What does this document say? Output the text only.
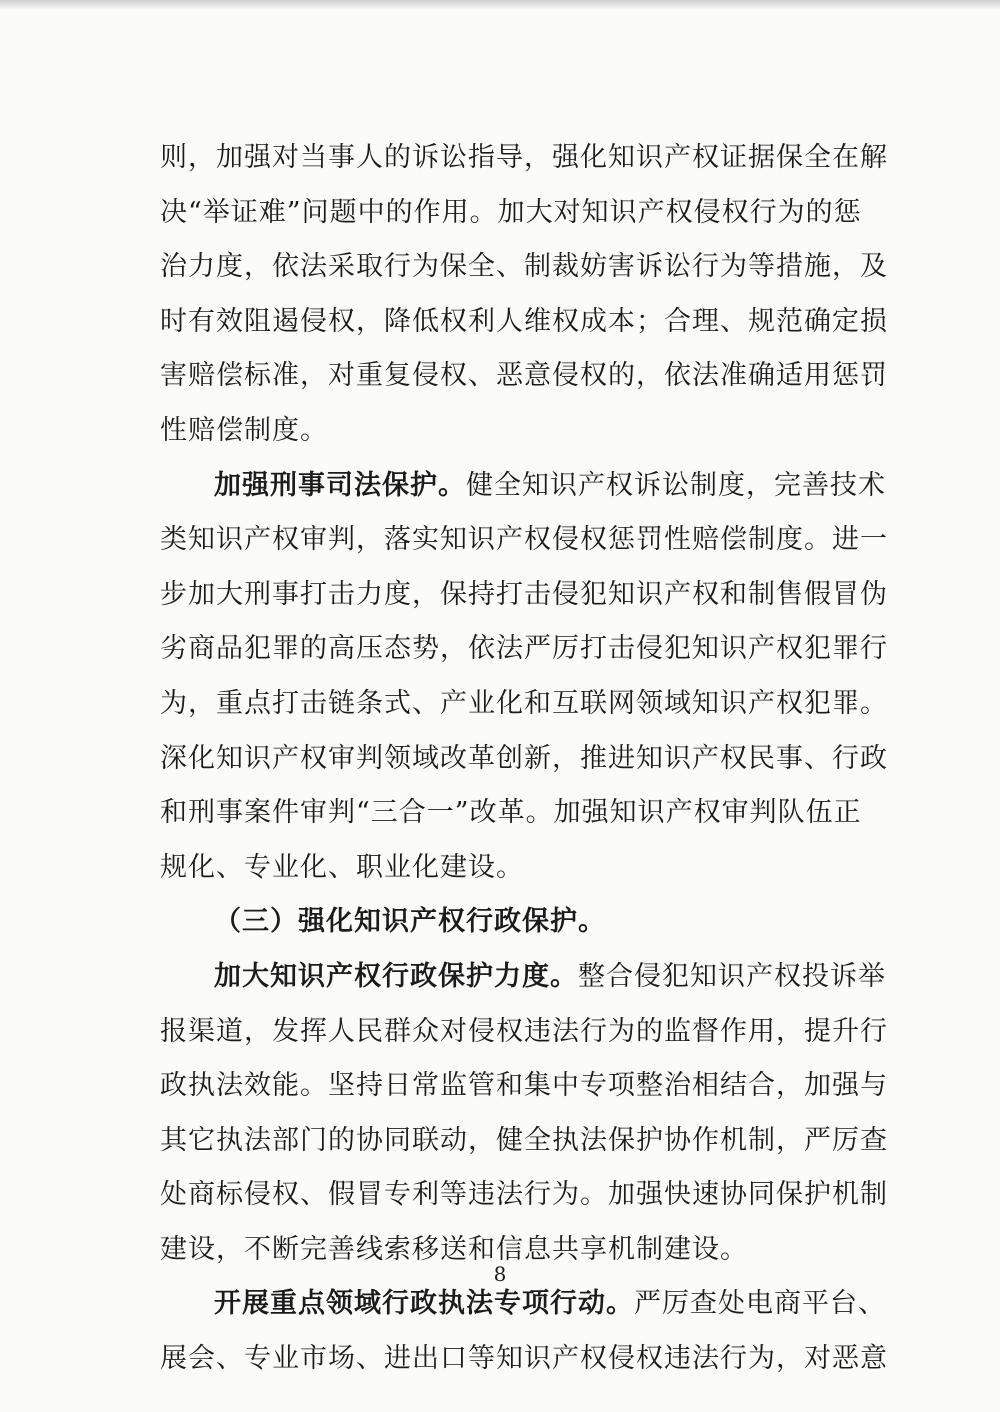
则，加强对当事人的诉讼指导，强化知识产权证据保全在解
决“举证难”问题中的作用。加大对知识产权侵权行为的惩
治力度，依法采取行为保全、制裁妨害诉讼行为等措施，及
时有效阻遏侵权，降低权利人维权成本；合理、规范确定损
害赔偿标准，对重复侵权、恶意侵权的，依法准确适用惩罚
性赔偿制度。
加强刑事司法保护。健全知识产权诉讼制度，完善技术
类知识产权审判，落实知识产权侵权惩罚性赔偿制度。进一
步加大刑事打击力度，保持打击侵犯知识产权和制售假冒伪
劣商品犯罪的高压态势，依法严厉打击侵犯知识产权犯罪行
为，重点打击链条式、产业化和互联网领域知识产权犯罪。
深化知识产权审判领域改革创新，推进知识产权民事、行政
和刑事案件审判“三合一”改革。加强知识产权审判队伍正
规化、专业化、职业化建设。
（三）强化知识产权行政保护。
加大知识产权行政保护力度。整合侵犯知识产权投诉举
报渠道，发挥人民群众对侵权违法行为的监督作用，提升行
政执法效能。坚持日常监管和集中专项整治相结合，加强与
其它执法部门的协同联动，健全执法保护协作机制，严厉查
处商标侵权、假冒专利等违法行为。加强快速协同保护机制
建设，不断完善线索移送和信息共享机制建设。
开展重点领域行政执法专项行动。严厉查处电商平台、
展会、专业市场、进出口等知识产权侵权违法行为，对恶意
8
